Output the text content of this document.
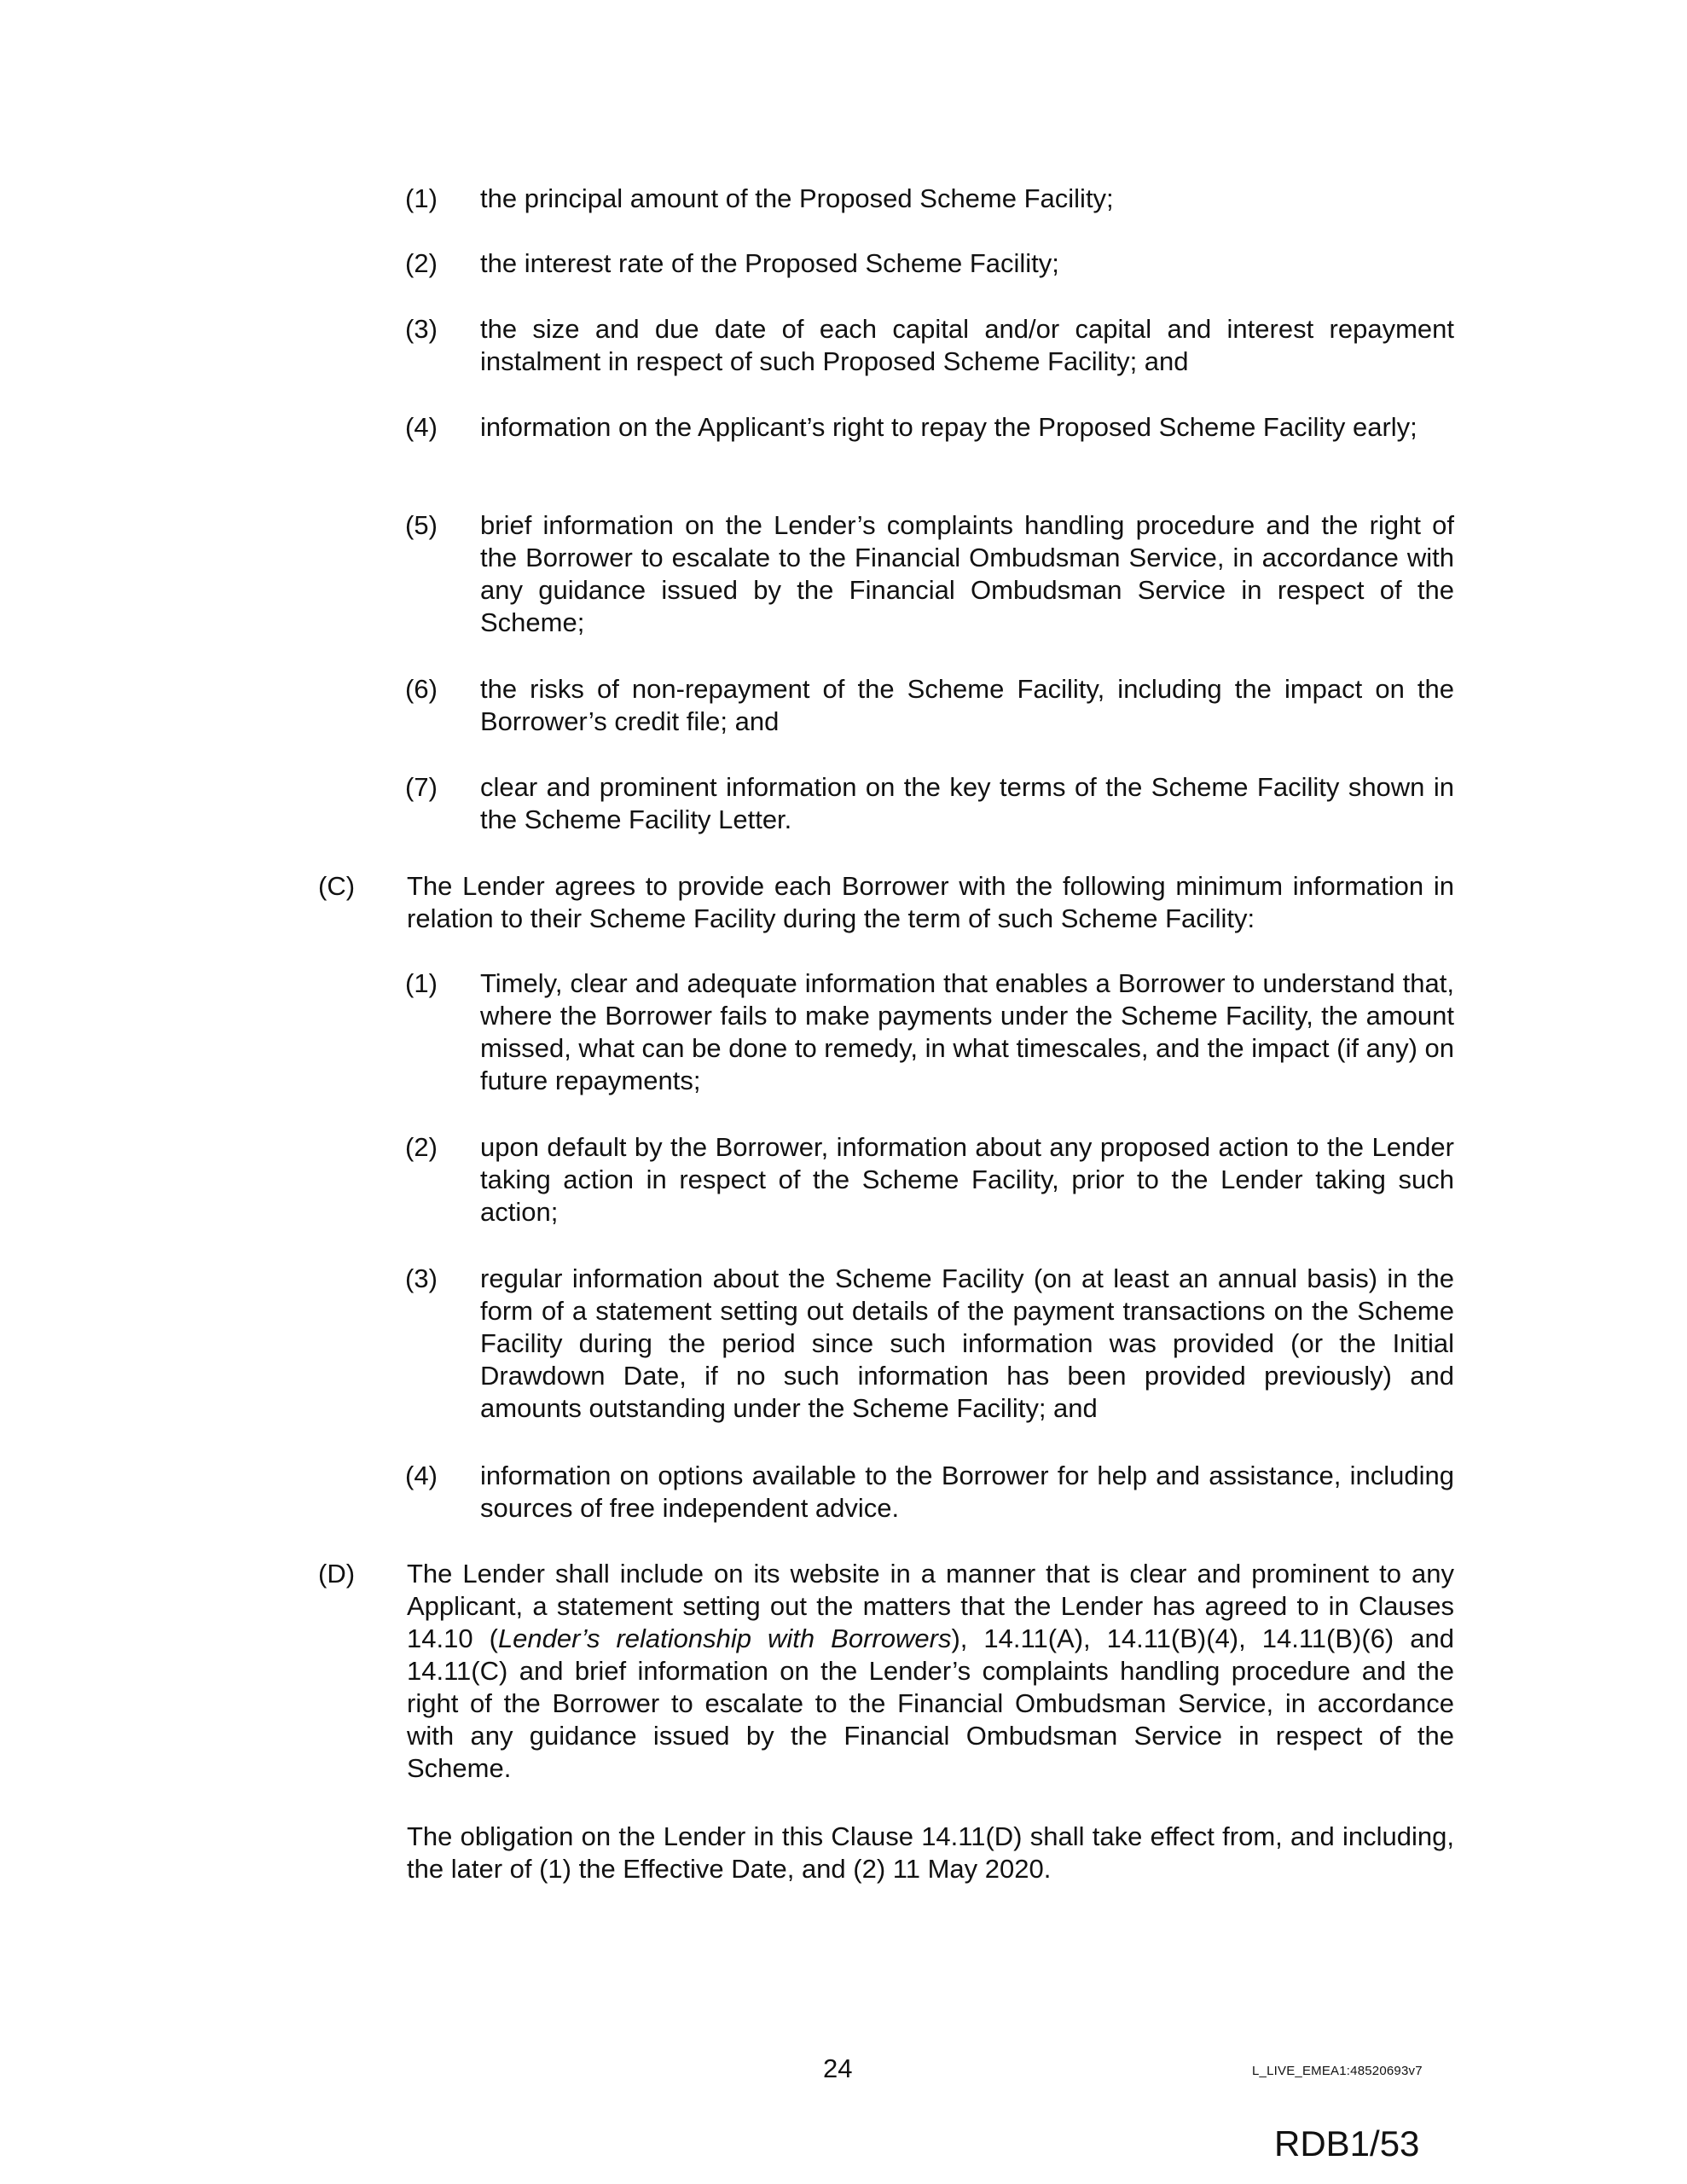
(1) the principal amount of the Proposed Scheme Facility;
(2) the interest rate of the Proposed Scheme Facility;
(3) the size and due date of each capital and/or capital and interest repayment instalment in respect of such Proposed Scheme Facility; and
(4) information on the Applicant’s right to repay the Proposed Scheme Facility early;
(5) brief information on the Lender’s complaints handling procedure and the right of the Borrower to escalate to the Financial Ombudsman Service, in accordance with any guidance issued by the Financial Ombudsman Service in respect of the Scheme;
(6) the risks of non-repayment of the Scheme Facility, including the impact on the Borrower’s credit file; and
(7) clear and prominent information on the key terms of the Scheme Facility shown in the Scheme Facility Letter.
(C) The Lender agrees to provide each Borrower with the following minimum information in relation to their Scheme Facility during the term of such Scheme Facility:
(1) Timely, clear and adequate information that enables a Borrower to understand that, where the Borrower fails to make payments under the Scheme Facility, the amount missed, what can be done to remedy, in what timescales, and the impact (if any) on future repayments;
(2) upon default by the Borrower, information about any proposed action to the Lender taking action in respect of the Scheme Facility, prior to the Lender taking such action;
(3) regular information about the Scheme Facility (on at least an annual basis) in the form of a statement setting out details of the payment transactions on the Scheme Facility during the period since such information was provided (or the Initial Drawdown Date, if no such information has been provided previously) and amounts outstanding under the Scheme Facility; and
(4) information on options available to the Borrower for help and assistance, including sources of free independent advice.
(D) The Lender shall include on its website in a manner that is clear and prominent to any Applicant, a statement setting out the matters that the Lender has agreed to in Clauses 14.10 (Lender’s relationship with Borrowers), 14.11(A), 14.11(B)(4), 14.11(B)(6) and 14.11(C) and brief information on the Lender’s complaints handling procedure and the right of the Borrower to escalate to the Financial Ombudsman Service, in accordance with any guidance issued by the Financial Ombudsman Service in respect of the Scheme.
The obligation on the Lender in this Clause 14.11(D) shall take effect from, and including, the later of (1) the Effective Date, and (2) 11 May 2020.
24	L_LIVE_EMEA1:48520693v7
RDB1/53
